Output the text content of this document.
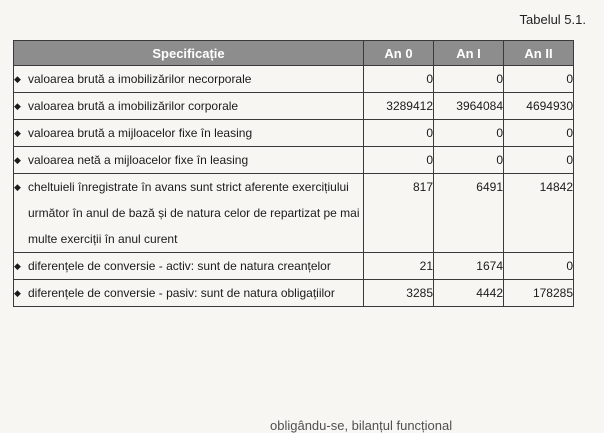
Tabelul 5.1.
Specificație	An 0	An I	An II

◆ valoarea brută a imobilizărilor necorporale	0	0	0

◆ valoarea brută a imobilizărilor corporale	3289412	3964084	4694930

◆ valoarea brută a mijloacelor fixe în leasing	0	0	0

◆ valoarea netă a mijloacelor fixe în leasing	0	0	0

◆ cheltuieli înregistrate în avans sunt strict aferente exercițiului următor în anul de bază și de natura celor de repartizat pe mai multe exerciții în anul curent	817	6491	14842

◆ diferențele de conversie - activ: sunt de natura creanțelor	21	1674	0

◆ diferențele de conversie - pasiv: sunt de natura obligațiilor	3285	4442	178285
obligându-se, bilanțul funcțional
